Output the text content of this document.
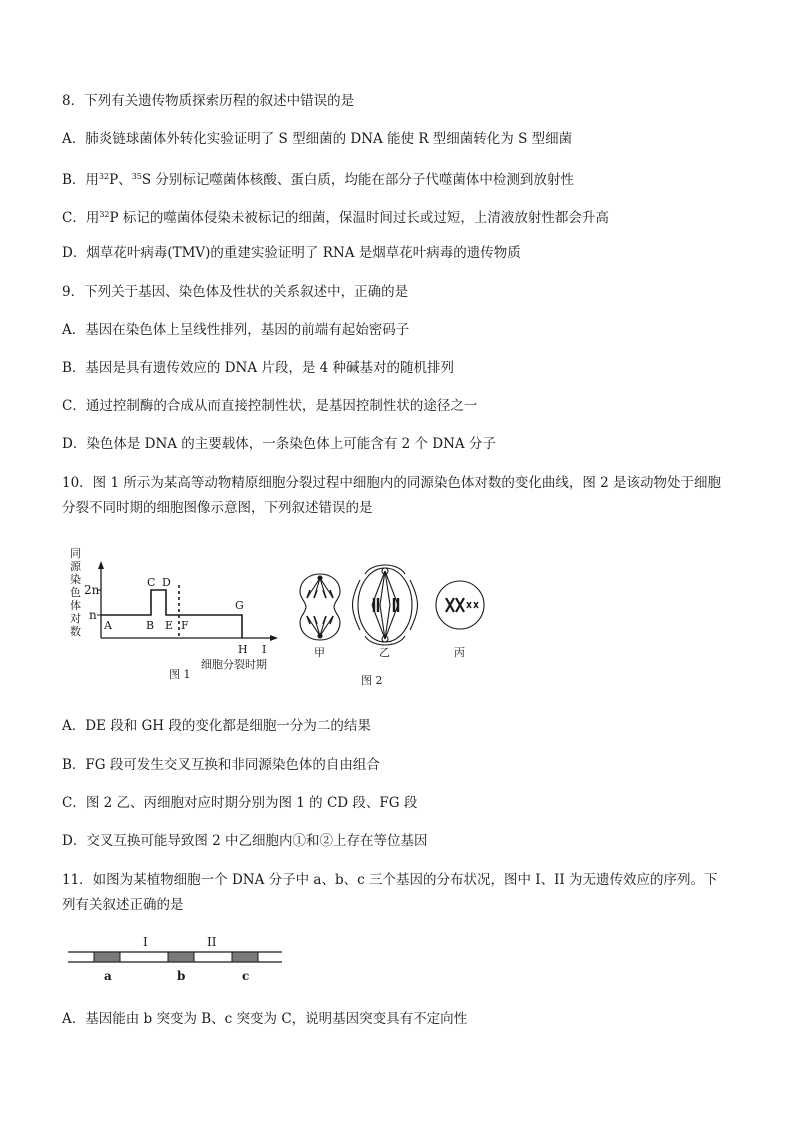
8．下列有关遗传物质探索历程的叙述中错误的是
A．肺炎链球菌体外转化实验证明了 S 型细菌的 DNA 能使 R 型细菌转化为 S 型细菌
B．用$^{32}$P、$^{35}$S 分别标记噬菌体核酸、蛋白质，均能在部分子代噬菌体中检测到放射性
C．用$^{32}$P 标记的噬菌体侵染未被标记的细菌，保温时间过长或过短，上清液放射性都会升高
D．烟草花叶病毒(TMV)的重建实验证明了 RNA 是烟草花叶病毒的遗传物质
9．下列关于基因、染色体及性状的关系叙述中，正确的是
A．基因在染色体上呈线性排列，基因的前端有起始密码子
B．基因是具有遗传效应的 DNA 片段，是 4 种碱基对的随机排列
C．通过控制酶的合成从而直接控制性状，是基因控制性状的途径之一
D．染色体是 DNA 的主要载体，一条染色体上可能含有 2 个 DNA 分子
10．图 1 所示为某高等动物精原细胞分裂过程中细胞内的同源染色体对数的变化曲线，图 2 是该动物处于细胞
分裂不同时期的细胞图像示意图，下列叙述错误的是
同
源
染
色
体
对
数
2n
n
A	B
C D
E F
G
H I
细胞分裂时期
图 1
甲	乙	丙
图 2
A．DE 段和 GH 段的变化都是细胞一分为二的结果
B．FG 段可发生交叉互换和非同源染色体的自由组合
C．图 2 乙、丙细胞对应时期分别为图 1 的 CD 段、FG 段
D．交叉互换可能导致图 2 中乙细胞内①和②上存在等位基因
11．如图为某植物细胞一个 DNA 分子中 a、b、c 三个基因的分布状况，图中 I、II 为无遗传效应的序列。下
列有关叙述正确的是
I	II
a	b	c
A．基因能由 b 突变为 B、c 突变为 C，说明基因突变具有不定向性
